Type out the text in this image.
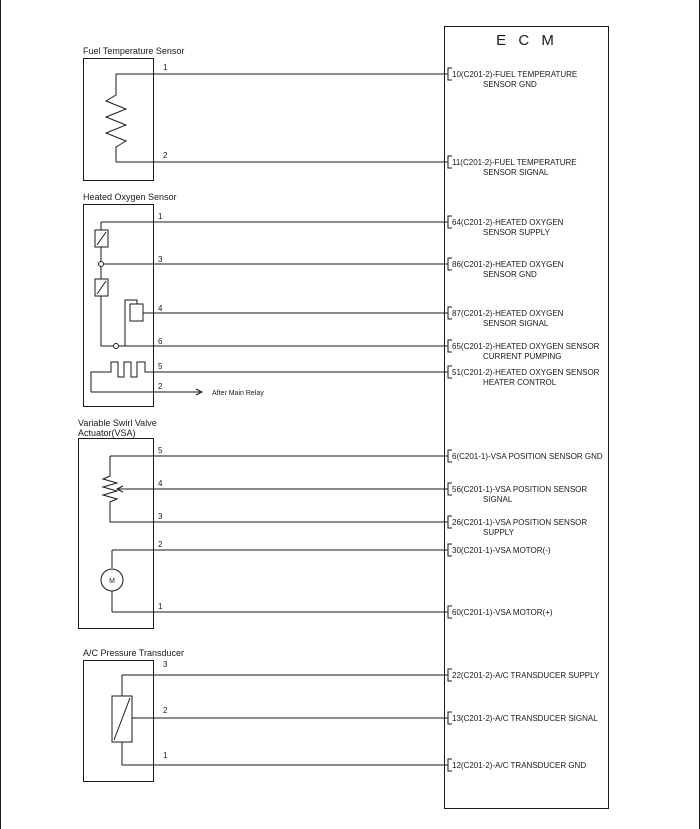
E C M
Fuel Temperature Sensor
Heated Oxygen Sensor
Variable Swirl Valve
Actuator(VSA)
A/C Pressure Transducer
1
2
1
3
4
6
5
2
After Main Relay
5
4
3
2
1
M
3
2
1
10(C201-2)-FUEL TEMPERATURE
SENSOR GND
11(C201-2)-FUEL TEMPERATURE
SENSOR SIGNAL
64(C201-2)-HEATED OXYGEN
SENSOR SUPPLY
86(C201-2)-HEATED OXYGEN
SENSOR GND
87(C201-2)-HEATED OXYGEN
SENSOR SIGNAL
65(C201-2)-HEATED OXYGEN SENSOR
CURRENT PUMPING
51(C201-2)-HEATED OXYGEN SENSOR
HEATER CONTROL
6(C201-1)-VSA POSITION SENSOR GND
56(C201-1)-VSA POSITION SENSOR
SIGNAL
26(C201-1)-VSA POSITION SENSOR
SUPPLY
30(C201-1)-VSA MOTOR(-)
60(C201-1)-VSA MOTOR(+)
22(C201-2)-A/C TRANSDUCER SUPPLY
13(C201-2)-A/C TRANSDUCER SIGNAL
12(C201-2)-A/C TRANSDUCER GND
